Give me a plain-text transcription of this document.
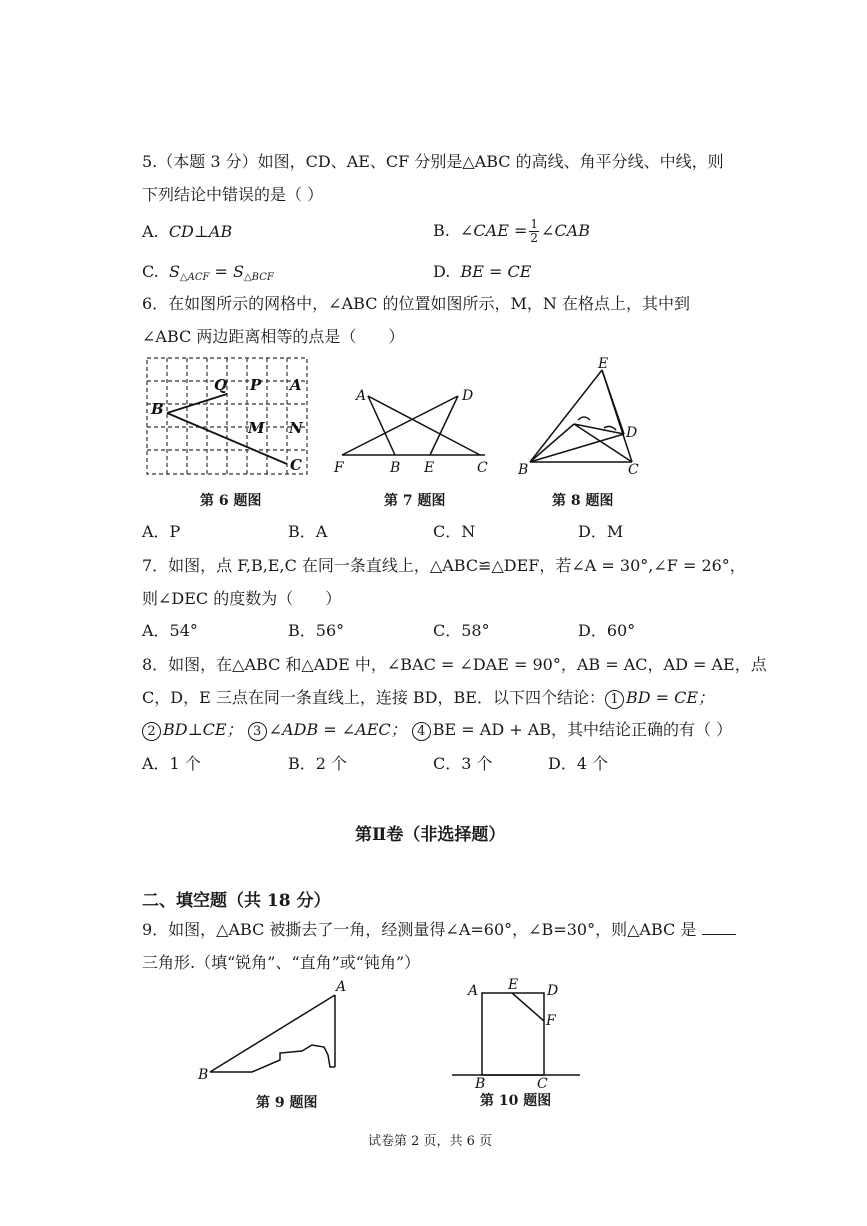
5.（本题 3 分）如图，CD、AE、CF 分别是△ABC 的高线、角平分线、中线，则
下列结论中错误的是（ ）
A. CD⊥AB	B. ∠CAE = $\frac{1}{2}$ ∠CAB
C. $S_{\triangle ACF} = S_{\triangle BCF}$	D. BE = CE
6．在如图所示的网格中，∠ABC 的位置如图所示，M，N 在格点上，其中到
∠ABC 两边距离相等的点是（　　）
Q P A
B
M N
C
A	D
F	B E	C
E
D
B	C
第 6 题图	第 7 题图	第 8 题图
A．P	B．A	C．N	D．M
7．如图，点 F,B,E,C 在同一条直线上，△ABC≌△DEF，若∠A = 30°,∠F = 26°，
则∠DEC 的度数为（　　）
A．54°	B．56°	C．58°	D．60°
8．如图，在△ABC 和△ADE 中，∠BAC = ∠DAE = 90°，AB = AC，AD = AE，点
C，D，E 三点在同一条直线上，连接 BD，BE．以下四个结论： 1 BD = CE；
2 BD⊥CE； 3 ∠ADB = ∠AEC； 4 BE = AD + AB，其中结论正确的有（ ）
A．1 个	B．2 个	C．3 个	D．4 个
第Ⅱ卷（非选择题）
二、填空题（共 18 分）
9．如图，△ABC 被撕去了一角，经测量得∠A=60°，∠B=30°，则△ABC 是
三角形.（填“锐角”、“直角”或“钝角”）
A
B
A E D
F
B	C
第 9 题图	第 10 题图
试卷第 2 页，共 6 页
